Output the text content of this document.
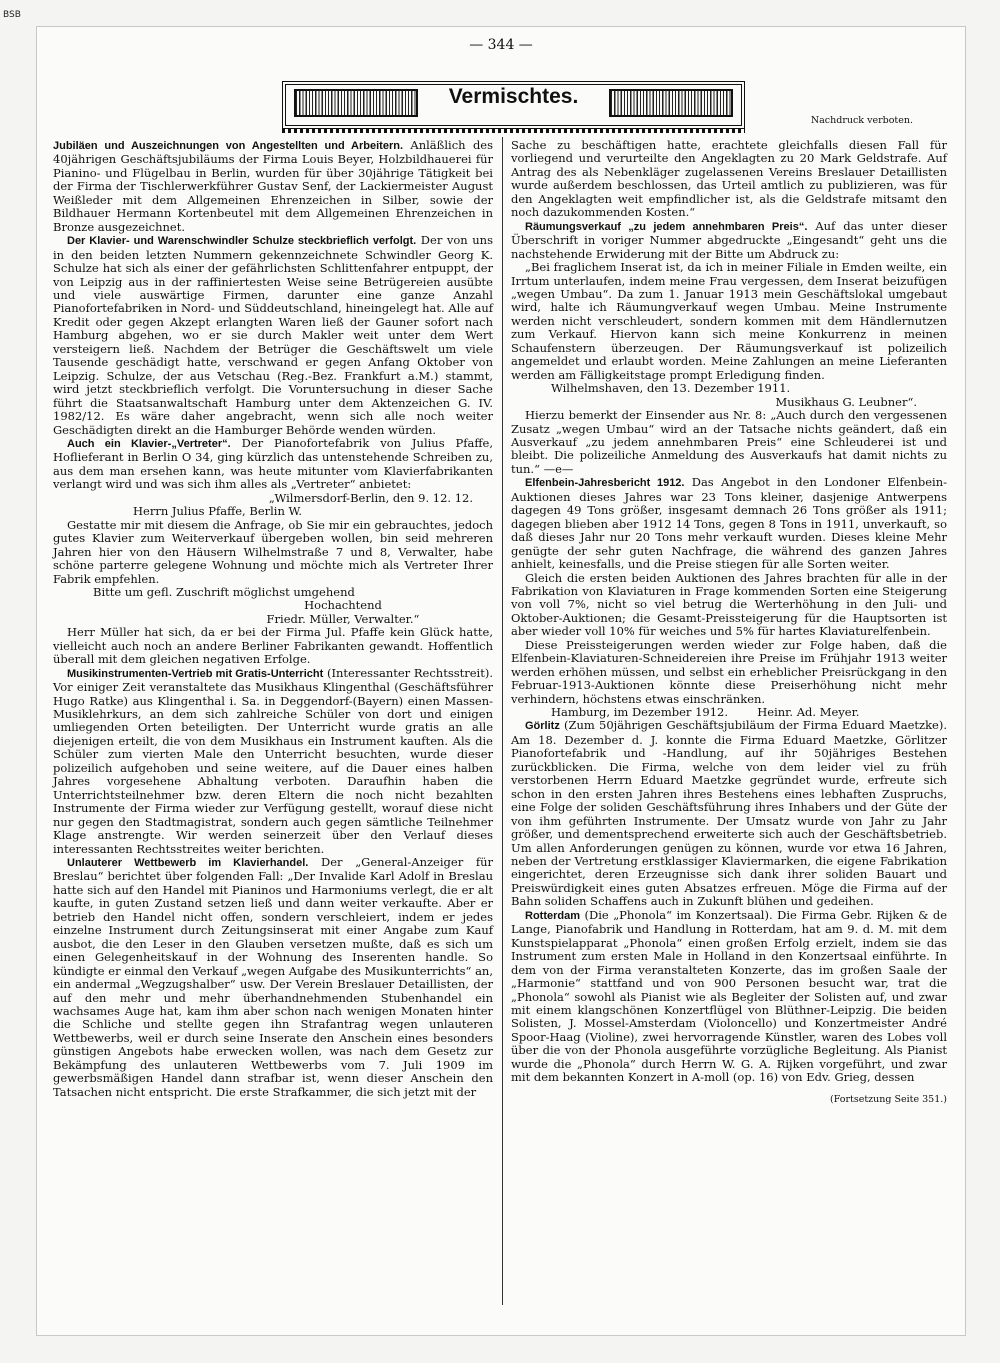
BSB
— 344 —
Vermischtes.
Nachdruck verboten.

Jubiläen und Auszeichnungen von Angestellten und Arbeitern. Anläßlich des 40jährigen Geschäftsjubiläums der Firma Louis Beyer, Holzbildhauerei für Pianino- und Flügelbau in Berlin, wurden für über 30jährige Tätigkeit bei der Firma der Tischlerwerkführer Gustav Senf, der Lackiermeister August Weißleder mit dem Allgemeinen Ehrenzeichen in Silber, sowie der Bildhauer Hermann Kortenbeutel mit dem Allgemeinen Ehrenzeichen in Bronze ausgezeichnet.

Der Klavier- und Warenschwindler Schulze steckbrieflich verfolgt. Der von uns in den beiden letzten Nummern gekennzeichnete Schwindler Georg K. Schulze hat sich als einer der gefährlichsten Schlittenfahrer entpuppt, der von Leipzig aus in der raffiniertesten Weise seine Betrügereien ausübte und viele auswärtige Firmen, darunter eine ganze Anzahl Pianofortefabriken in Nord- und Süddeutschland, hineingelegt hat. Alle auf Kredit oder gegen Akzept erlangten Waren ließ der Gauner sofort nach Hamburg abgehen, wo er sie durch Makler weit unter dem Wert versteigern ließ. Nachdem der Betrüger die Geschäftswelt um viele Tausende geschädigt hatte, verschwand er gegen Anfang Oktober von Leipzig. Schulze, der aus Vetschau (Reg.-Bez. Frankfurt a.M.) stammt, wird jetzt steckbrieflich verfolgt. Die Voruntersuchung in dieser Sache führt die Staatsanwaltschaft Hamburg unter dem Aktenzeichen G. IV. 1982/12. Es wäre daher angebracht, wenn sich alle noch weiter Geschädigten direkt an die Hamburger Behörde wenden würden.

Auch ein Klavier-„Vertreter“. Der Pianofortefabrik von Julius Pfaffe, Hoflieferant in Berlin O 34, ging kürzlich das untenstehende Schreiben zu, aus dem man ersehen kann, was heute mitunter vom Klavierfabrikanten verlangt wird und was sich ihm alles als „Vertreter“ anbietet:

„Wilmersdorf-Berlin, den 9. 12. 12.

Herrn Julius Pfaffe, Berlin W.

Gestatte mir mit diesem die Anfrage, ob Sie mir ein gebrauchtes, jedoch gutes Klavier zum Weiterverkauf übergeben wollen, bin seid mehreren Jahren hier von den Häusern Wilhelmstraße 7 und 8, Verwalter, habe schöne parterre gelegene Wohnung und möchte mich als Vertreter Ihrer Fabrik empfehlen.

Bitte um gefl. Zuschrift möglichst umgehend

Hochachtend

Friedr. Müller, Verwalter.“

Herr Müller hat sich, da er bei der Firma Jul. Pfaffe kein Glück hatte, vielleicht auch noch an andere Berliner Fabrikanten gewandt. Hoffentlich überall mit dem gleichen negativen Erfolge.

Musikinstrumenten-Vertrieb mit Gratis-Unterricht (Interessanter Rechtsstreit). Vor einiger Zeit veranstaltete das Musikhaus Klingenthal (Geschäftsführer Hugo Ratke) aus Klingenthal i. Sa. in Deggendorf-(Bayern) einen Massen-Musiklehrkurs, an dem sich zahlreiche Schüler von dort und einigen umliegenden Orten beteiligten. Der Unterricht wurde gratis an alle diejenigen erteilt, die von dem Musikhaus ein Instrument kauften. Als die Schüler zum vierten Male den Unterricht besuchten, wurde dieser polizeilich aufgehoben und seine weitere, auf die Dauer eines halben Jahres vorgesehene Abhaltung verboten. Daraufhin haben die Unterrichtsteilnehmer bzw. deren Eltern die noch nicht bezahlten Instrumente der Firma wieder zur Verfügung gestellt, worauf diese nicht nur gegen den Stadtmagistrat, sondern auch gegen sämtliche Teilnehmer Klage anstrengte. Wir werden seinerzeit über den Verlauf dieses interessanten Rechtsstreites weiter berichten.

Unlauterer Wettbewerb im Klavierhandel. Der „General-Anzeiger für Breslau“ berichtet über folgenden Fall: „Der Invalide Karl Adolf in Breslau hatte sich auf den Handel mit Pianinos und Harmoniums verlegt, die er alt kaufte, in guten Zustand setzen ließ und dann weiter verkaufte. Aber er betrieb den Handel nicht offen, sondern verschleiert, indem er jedes einzelne Instrument durch Zeitungsinserat mit einer Angabe zum Kauf ausbot, die den Leser in den Glauben versetzen mußte, daß es sich um einen Gelegenheitskauf in der Wohnung des Inserenten handle. So kündigte er einmal den Verkauf „wegen Aufgabe des Musikunterrichts“ an, ein andermal „Wegzugshalber“ usw. Der Verein Breslauer Detaillisten, der auf den mehr und mehr überhandnehmenden Stubenhandel ein wachsames Auge hat, kam ihm aber schon nach wenigen Monaten hinter die Schliche und stellte gegen ihn Strafantrag wegen unlauteren Wettbewerbs, weil er durch seine Inserate den Anschein eines besonders günstigen Angebots habe erwecken wollen, was nach dem Gesetz zur Bekämpfung des unlauteren Wettbewerbs vom 7. Juli 1909 im gewerbsmäßigen Handel dann strafbar ist, wenn dieser Anschein den Tatsachen nicht entspricht. Die erste Strafkammer, die sich jetzt mit der

Sache zu beschäftigen hatte, erachtete gleichfalls diesen Fall für vorliegend und verurteilte den Angeklagten zu 20 Mark Geldstrafe. Auf Antrag des als Nebenkläger zugelassenen Vereins Breslauer Detaillisten wurde außerdem beschlossen, das Urteil amtlich zu publizieren, was für den Angeklagten weit empfindlicher ist, als die Geldstrafe mitsamt den noch dazukommenden Kosten.“

Räumungsverkauf „zu jedem annehmbaren Preis“. Auf das unter dieser Überschrift in voriger Nummer abgedruckte „Eingesandt“ geht uns die nachstehende Erwiderung mit der Bitte um Abdruck zu:

„Bei fraglichem Inserat ist, da ich in meiner Filiale in Emden weilte, ein Irrtum unterlaufen, indem meine Frau vergessen, dem Inserat beizufügen „wegen Umbau“. Da zum 1. Januar 1913 mein Geschäftslokal umgebaut wird, halte ich Räumungverkauf wegen Umbau. Meine Instrumente werden nicht verschleudert, sondern kommen mit dem Händlernutzen zum Verkauf. Hiervon kann sich meine Konkurrenz in meinen Schaufenstern überzeugen. Der Räumungsverkauf ist polizeilich angemeldet und erlaubt worden. Meine Zahlungen an meine Lieferanten werden am Fälligkeitstage prompt Erledigung finden.

Wilhelmshaven, den 13. Dezember 1911.

Musikhaus G. Leubner“.

Hierzu bemerkt der Einsender aus Nr. 8: „Auch durch den vergessenen Zusatz „wegen Umbau“ wird an der Tatsache nichts geändert, daß ein Ausverkauf „zu jedem annehmbaren Preis“ eine Schleuderei ist und bleibt. Die polizeiliche Anmeldung des Ausverkaufs hat damit nichts zu tun.“ —e—

Elfenbein-Jahresbericht 1912. Das Angebot in den Londoner Elfenbein-Auktionen dieses Jahres war 23 Tons kleiner, dasjenige Antwerpens dagegen 49 Tons größer, insgesamt demnach 26 Tons größer als 1911; dagegen blieben aber 1912 14 Tons, gegen 8 Tons in 1911, unverkauft, so daß dieses Jahr nur 20 Tons mehr verkauft wurden. Dieses kleine Mehr genügte der sehr guten Nachfrage, die während des ganzen Jahres anhielt, keinesfalls, und die Preise stiegen für alle Sorten weiter.

Gleich die ersten beiden Auktionen des Jahres brachten für alle in der Fabrikation von Klaviaturen in Frage kommenden Sorten eine Steigerung von voll 7%, nicht so viel betrug die Werterhöhung in den Juli- und Oktober-Auktionen; die Gesamt-Preissteigerung für die Hauptsorten ist aber wieder voll 10% für weiches und 5% für hartes Klaviaturelfenbein.

Diese Preissteigerungen werden wieder zur Folge haben, daß die Elfenbein-Klaviaturen-Schneidereien ihre Preise im Frühjahr 1913 weiter werden erhöhen müssen, und selbst ein erheblicher Preisrückgang in den Februar-1913-Auktionen könnte diese Preiserhöhung nicht mehr verhindern, höchstens etwas einschränken.

Hamburg, im Dezember 1912.        Heinr. Ad. Meyer.

Görlitz (Zum 50jährigen Geschäftsjubiläum der Firma Eduard Maetzke). Am 18. Dezember d. J. konnte die Firma Eduard Maetzke, Görlitzer Pianofortefabrik und -Handlung, auf ihr 50jähriges Bestehen zurückblicken. Die Firma, welche von dem leider viel zu früh verstorbenen Herrn Eduard Maetzke gegründet wurde, erfreute sich schon in den ersten Jahren ihres Bestehens eines lebhaften Zuspruchs, eine Folge der soliden Geschäftsführung ihres Inhabers und der Güte der von ihm geführten Instrumente. Der Umsatz wurde von Jahr zu Jahr größer, und dementsprechend erweiterte sich auch der Geschäftsbetrieb. Um allen Anforderungen genügen zu können, wurde vor etwa 16 Jahren, neben der Vertretung erstklassiger Klaviermarken, die eigene Fabrikation eingerichtet, deren Erzeugnisse sich dank ihrer soliden Bauart und Preiswürdigkeit eines guten Absatzes erfreuen. Möge die Firma auf der Bahn soliden Schaffens auch in Zukunft blühen und gedeihen.

Rotterdam (Die „Phonola“ im Konzertsaal). Die Firma Gebr. Rijken & de Lange, Pianofabrik und Handlung in Rotterdam, hat am 9. d. M. mit dem Kunstspielapparat „Phonola“ einen großen Erfolg erzielt, indem sie das Instrument zum ersten Male in Holland in den Konzertsaal einführte. In dem von der Firma veranstalteten Konzerte, das im großen Saale der „Harmonie“ stattfand und von 900 Personen besucht war, trat die „Phonola“ sowohl als Pianist wie als Begleiter der Solisten auf, und zwar mit einem klangschönen Konzertflügel von Blüthner-Leipzig. Die beiden Solisten, J. Mossel-Amsterdam (Violoncello) und Konzertmeister André Spoor-Haag (Violine), zwei hervorragende Künstler, waren des Lobes voll über die von der Phonola ausgeführte vorzügliche Begleitung. Als Pianist wurde die „Phonola“ durch Herrn W. G. A. Rijken vorgeführt, und zwar mit dem bekannten Konzert in A-moll (op. 16) von Edv. Grieg, dessen

(Fortsetzung Seite 351.)
